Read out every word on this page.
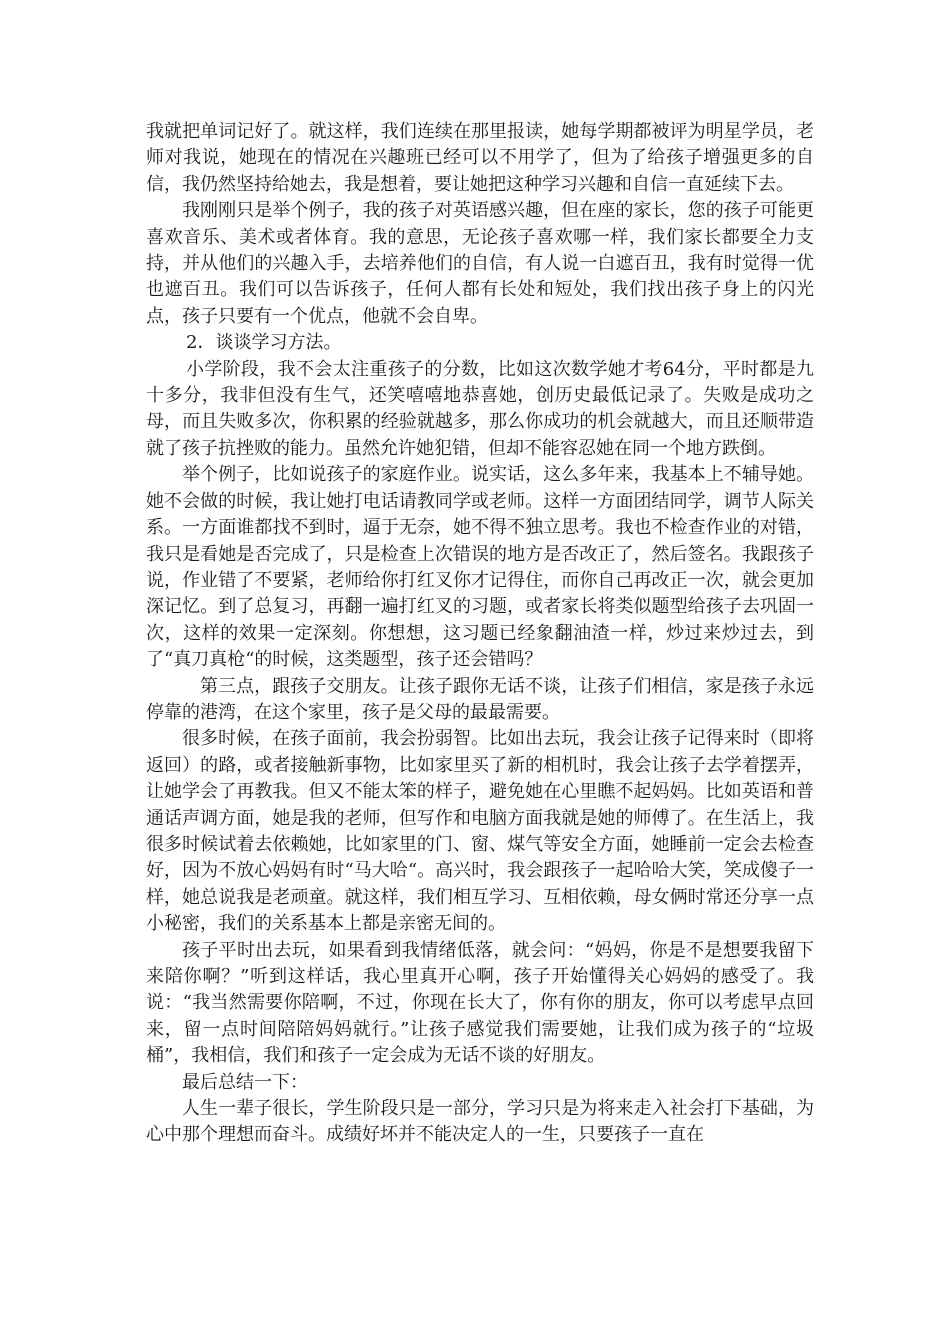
我就把单词记好了。就这样，我们连续在那里报读，她每学期都被评为明星学员，老师对我说，她现在的情况在兴趣班已经可以不用学了，但为了给孩子增强更多的自信，我仍然坚持给她去，我是想着，要让她把这种学习兴趣和自信一直延续下去。

我刚刚只是举个例子，我的孩子对英语感兴趣，但在座的家长，您的孩子可能更喜欢音乐、美术或者体育。我的意思，无论孩子喜欢哪一样，我们家长都要全力支持，并从他们的兴趣入手，去培养他们的自信，有人说一白遮百丑，我有时觉得一优也遮百丑。我们可以告诉孩子，任何人都有长处和短处，我们找出孩子身上的闪光点，孩子只要有一个优点，他就不会自卑。

2．谈谈学习方法。

小学阶段，我不会太注重孩子的分数，比如这次数学她才考64分，平时都是九十多分，我非但没有生气，还笑嘻嘻地恭喜她，创历史最低记录了。失败是成功之母，而且失败多次，你积累的经验就越多，那么你成功的机会就越大，而且还顺带造就了孩子抗挫败的能力。虽然允许她犯错，但却不能容忍她在同一个地方跌倒。

举个例子，比如说孩子的家庭作业。说实话，这么多年来，我基本上不辅导她。她不会做的时候，我让她打电话请教同学或老师。这样一方面团结同学，调节人际关系。一方面谁都找不到时，逼于无奈，她不得不独立思考。我也不检查作业的对错，我只是看她是否完成了，只是检查上次错误的地方是否改正了，然后签名。我跟孩子说，作业错了不要紧，老师给你打红叉你才记得住，而你自己再改正一次，就会更加深记忆。到了总复习，再翻一遍打红叉的习题，或者家长将类似题型给孩子去巩固一次，这样的效果一定深刻。你想想，这习题已经象翻油渣一样，炒过来炒过去，到了“真刀真枪“的时候，这类题型，孩子还会错吗？

第三点，跟孩子交朋友。让孩子跟你无话不谈，让孩子们相信，家是孩子永远停靠的港湾，在这个家里，孩子是父母的最最需要。

很多时候，在孩子面前，我会扮弱智。比如出去玩，我会让孩子记得来时（即将返回）的路，或者接触新事物，比如家里买了新的相机时，我会让孩子去学着摆弄，让她学会了再教我。但又不能太笨的样子，避免她在心里瞧不起妈妈。比如英语和普通话声调方面，她是我的老师，但写作和电脑方面我就是她的师傅了。在生活上，我很多时候试着去依赖她，比如家里的门、窗、煤气等安全方面，她睡前一定会去检查好，因为不放心妈妈有时“马大哈“。高兴时，我会跟孩子一起哈哈大笑，笑成傻子一样，她总说我是老顽童。就这样，我们相互学习、互相依赖，母女俩时常还分享一点小秘密，我们的关系基本上都是亲密无间的。

孩子平时出去玩，如果看到我情绪低落，就会问：“妈妈，你是不是想要我留下来陪你啊？”听到这样话，我心里真开心啊，孩子开始懂得关心妈妈的感受了。我说：“我当然需要你陪啊，不过，你现在长大了，你有你的朋友，你可以考虑早点回来，留一点时间陪陪妈妈就行。”让孩子感觉我们需要她，让我们成为孩子的“垃圾桶”，我相信，我们和孩子一定会成为无话不谈的好朋友。

最后总结一下：

人生一辈子很长，学生阶段只是一部分，学习只是为将来走入社会打下基础，为心中那个理想而奋斗。成绩好坏并不能决定人的一生，只要孩子一直在
